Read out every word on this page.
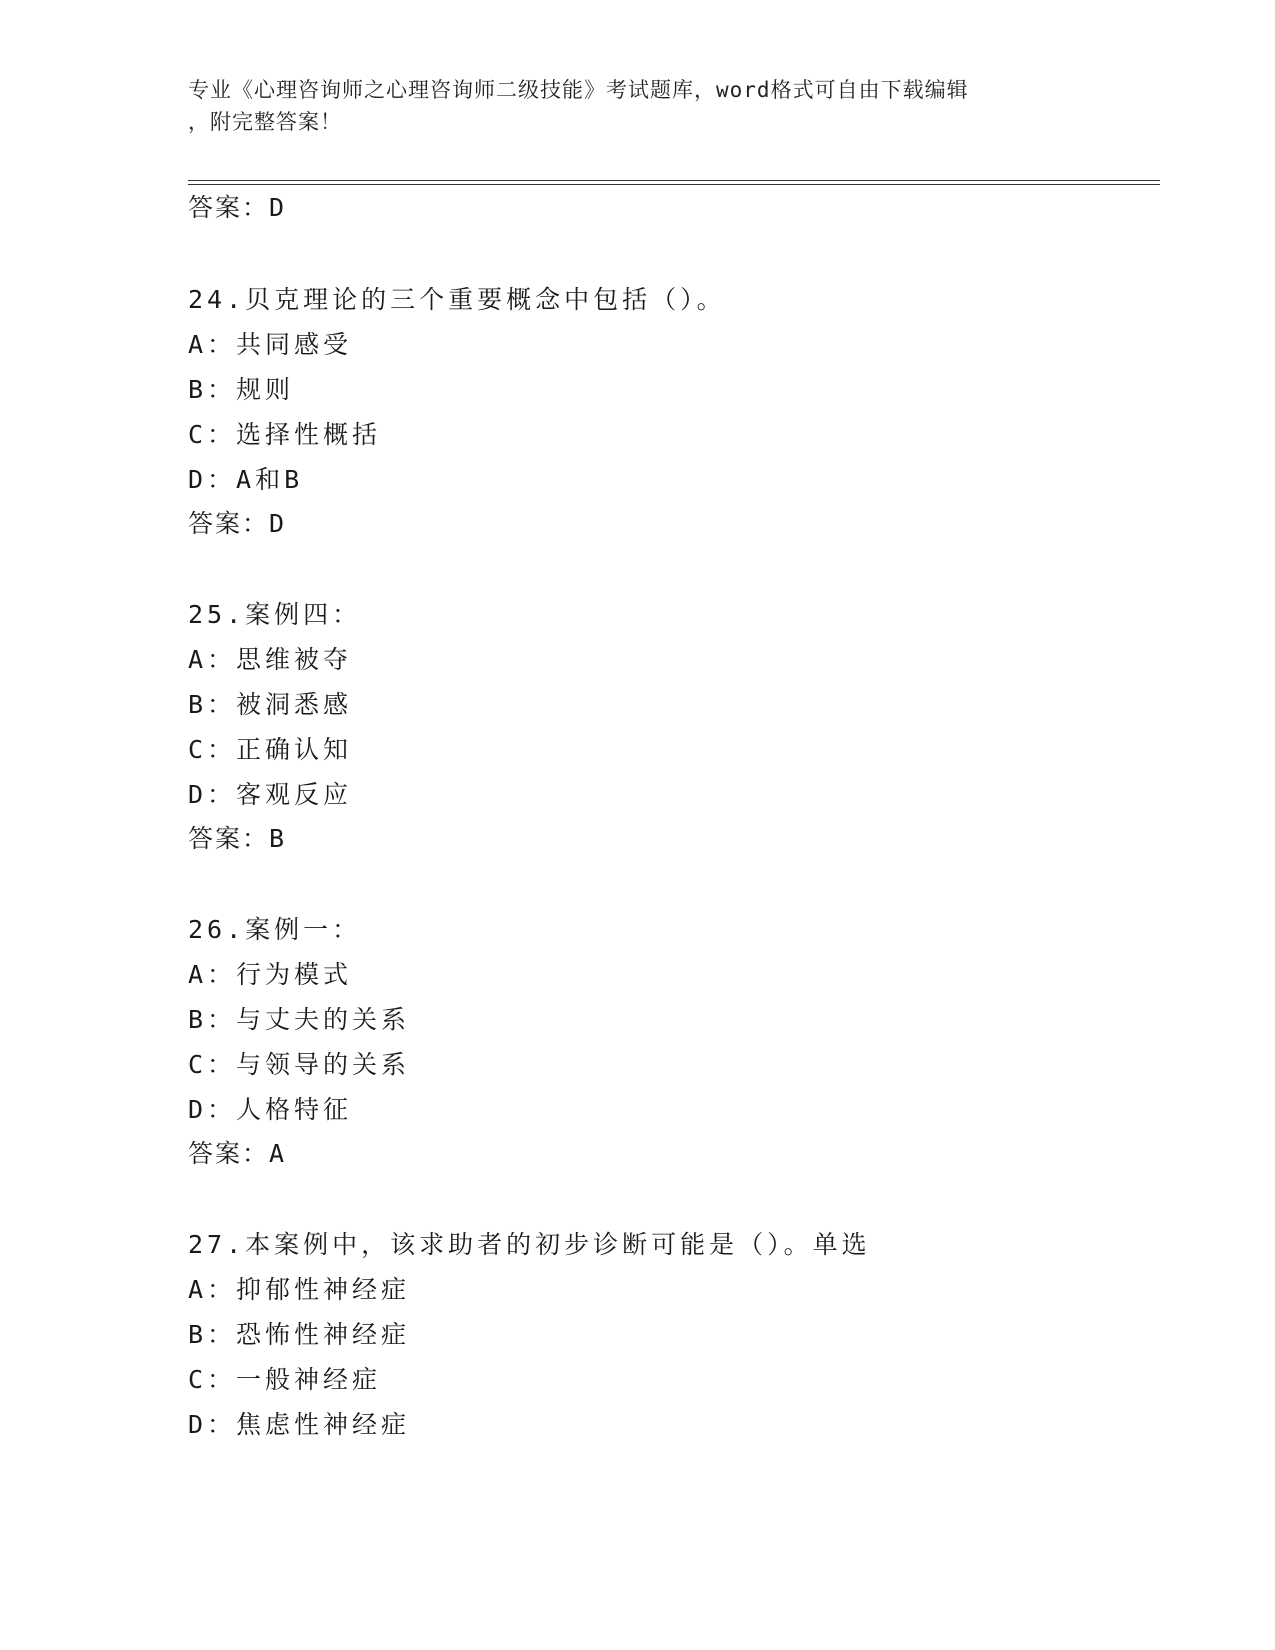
专业《心理咨询师之心理咨询师二级技能》考试题库，word格式可自由下载编辑
，附完整答案！
答案：D
24.贝克理论的三个重要概念中包括（）。
A：共同感受
B：规则
C：选择性概括
D：A和B
答案：D
25.案例四：
A：思维被夺
B：被洞悉感
C：正确认知
D：客观反应
答案：B
26.案例一：
A：行为模式
B：与丈夫的关系
C：与领导的关系
D：人格特征
答案：A
27.本案例中，该求助者的初步诊断可能是（）。单选
A：抑郁性神经症
B：恐怖性神经症
C：一般神经症
D：焦虑性神经症
